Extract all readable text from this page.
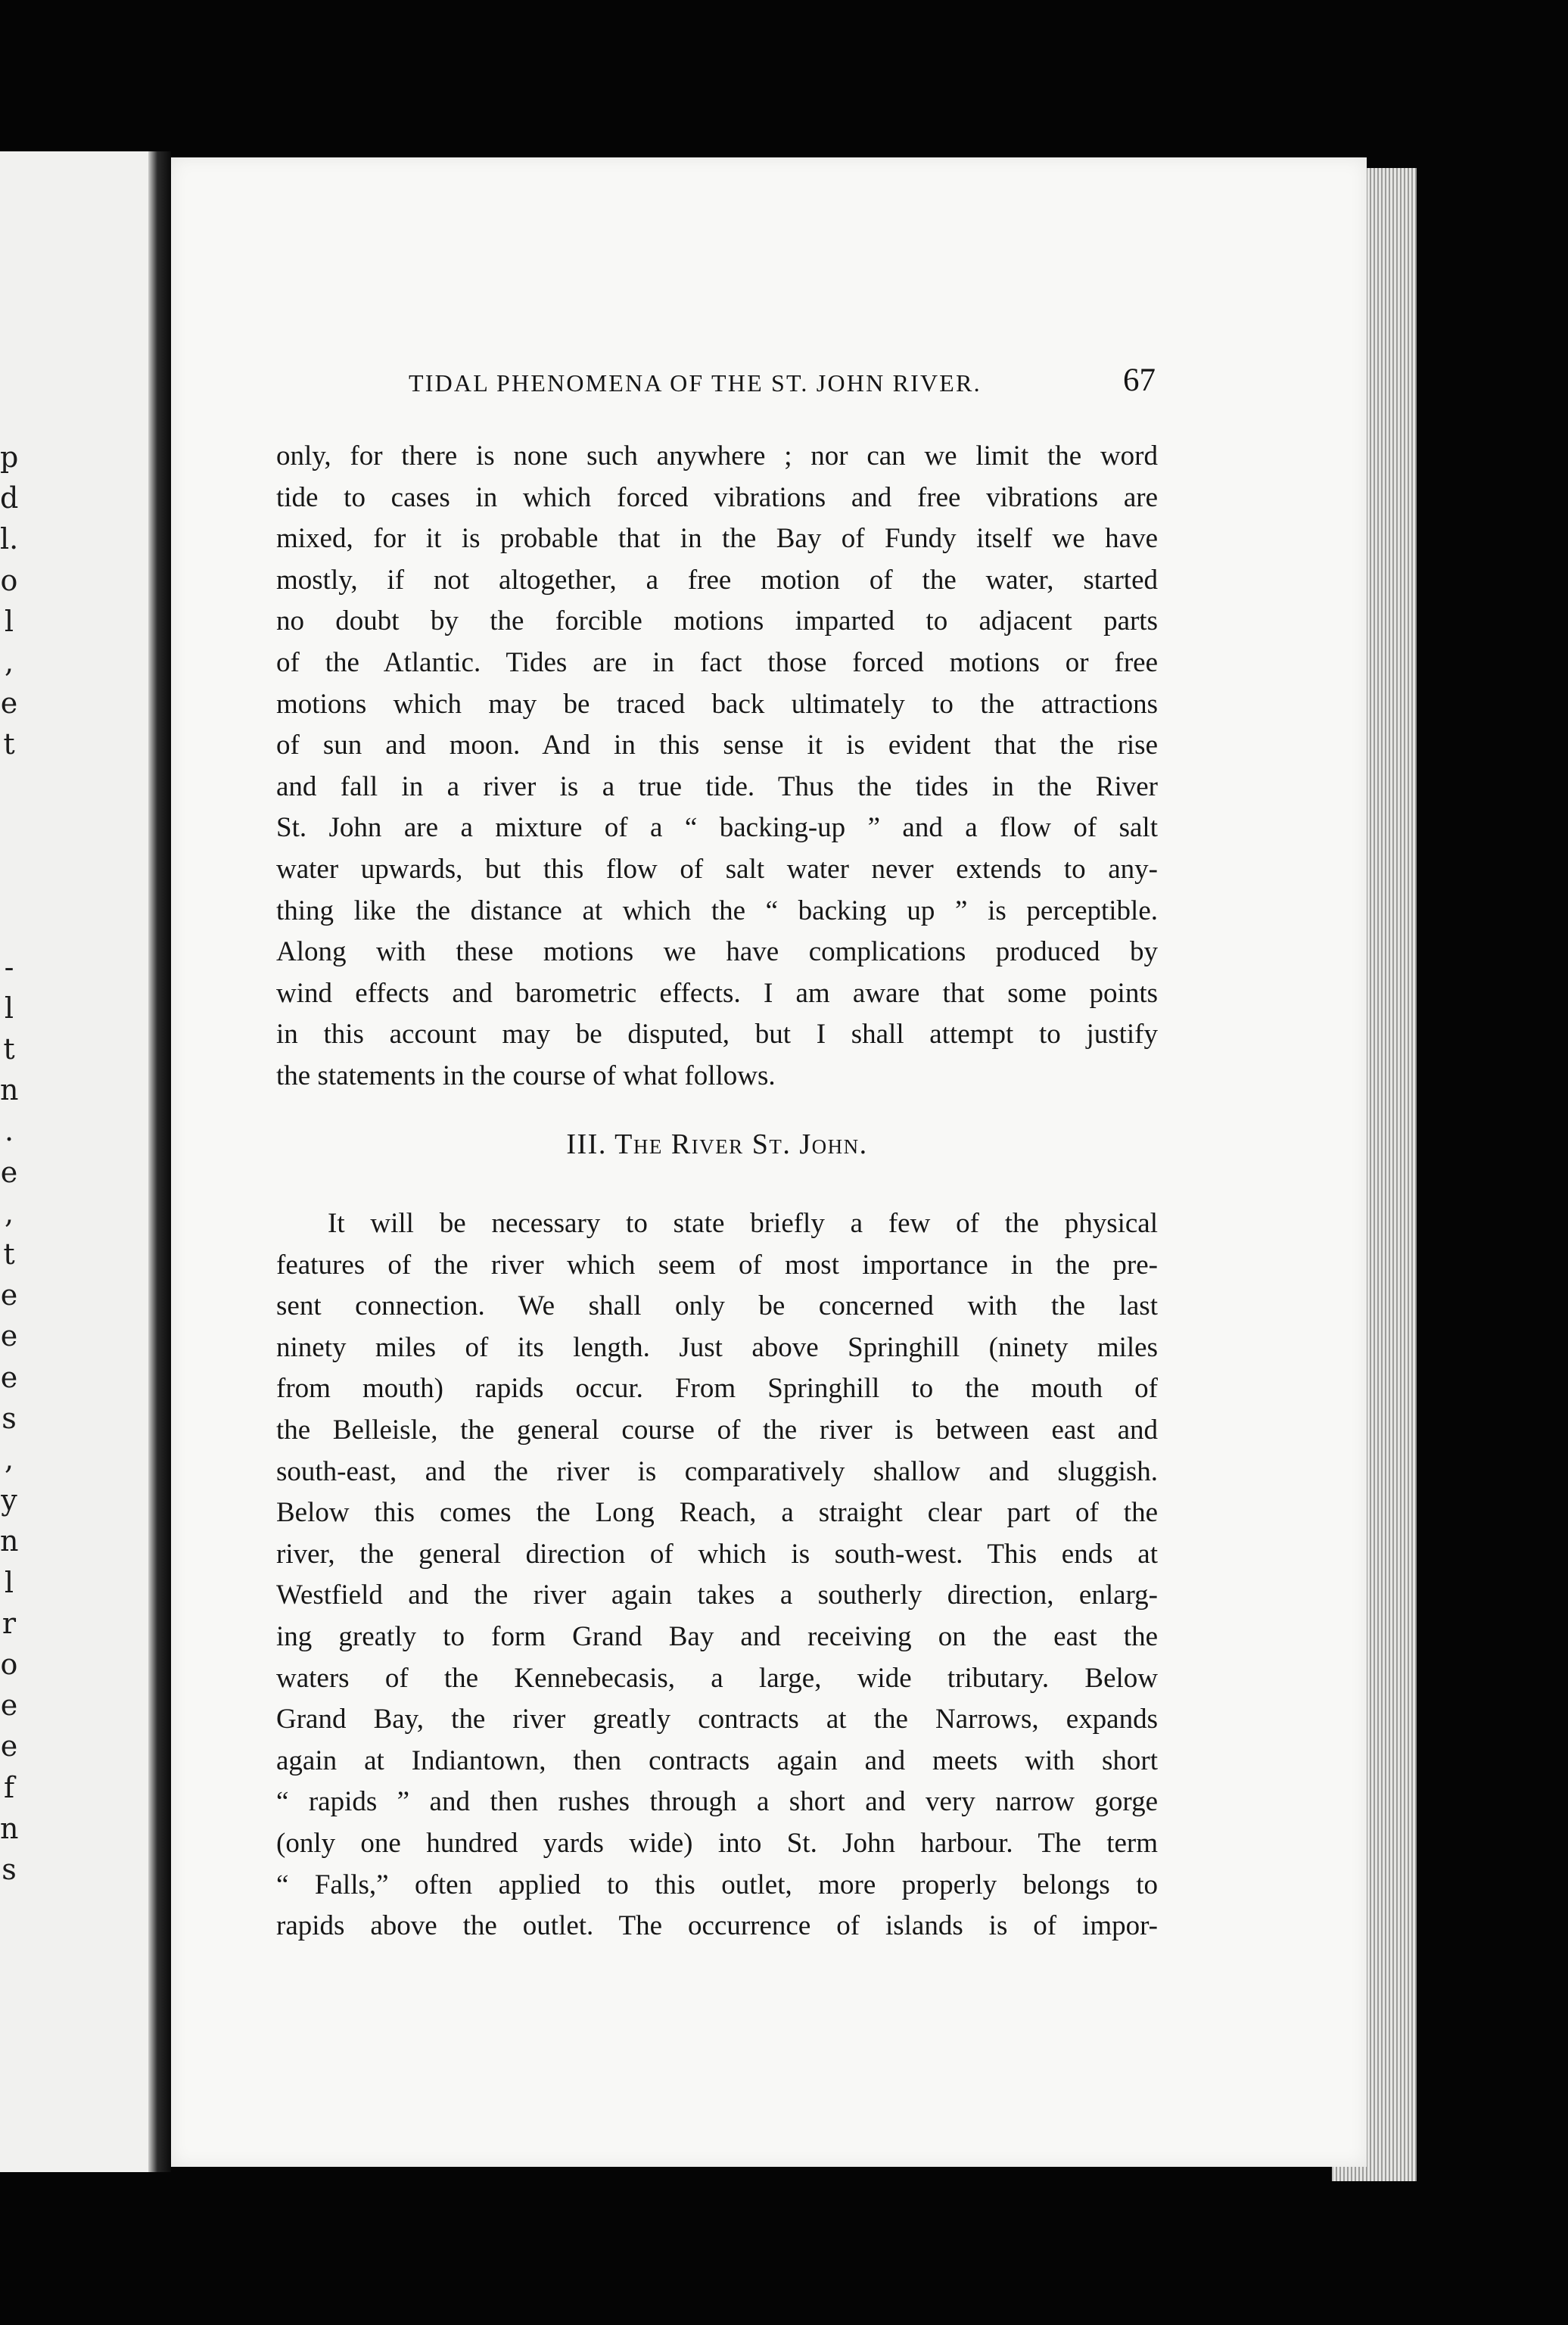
p
d
l.
o
l
,
e
t
-
l
t
n
.
e
,
t
e
e
e
s
,
y
n
l
r
o
e
e
f
n
s
TIDAL PHENOMENA OF THE ST. JOHN RIVER.	67
only, for there is none such anywhere ; nor can we limit the word
tide to cases in which forced vibrations and free vibrations are
mixed, for it is probable that in the Bay of Fundy itself we have
mostly, if not altogether, a free motion of the water, started
no doubt by the forcible motions imparted to adjacent parts
of the Atlantic. Tides are in fact those forced motions or free
motions which may be traced back ultimately to the attractions
of sun and moon. And in this sense it is evident that the rise
and fall in a river is a true tide. Thus the tides in the River
St. John are a mixture of a “ backing-up ” and a flow of salt
water upwards, but this flow of salt water never extends to any-
thing like the distance at which the “ backing up ” is perceptible.
Along with these motions we have complications produced by
wind effects and barometric effects. I am aware that some points
in this account may be disputed, but I shall attempt to justify
the statements in the course of what follows.
III. The River St. John.
It will be necessary to state briefly a few of the physical
features of the river which seem of most importance in the pre-
sent connection. We shall only be concerned with the last
ninety miles of its length. Just above Springhill (ninety miles
from mouth) rapids occur. From Springhill to the mouth of
the Belleisle, the general course of the river is between east and
south-east, and the river is comparatively shallow and sluggish.
Below this comes the Long Reach, a straight clear part of the
river, the general direction of which is south-west. This ends at
Westfield and the river again takes a southerly direction, enlarg-
ing greatly to form Grand Bay and receiving on the east the
waters of the Kennebecasis, a large, wide tributary. Below
Grand Bay, the river greatly contracts at the Narrows, expands
again at Indiantown, then contracts again and meets with short
“ rapids ” and then rushes through a short and very narrow gorge
(only one hundred yards wide) into St. John harbour. The term
“ Falls,” often applied to this outlet, more properly belongs to
rapids above the outlet. The occurrence of islands is of impor-
